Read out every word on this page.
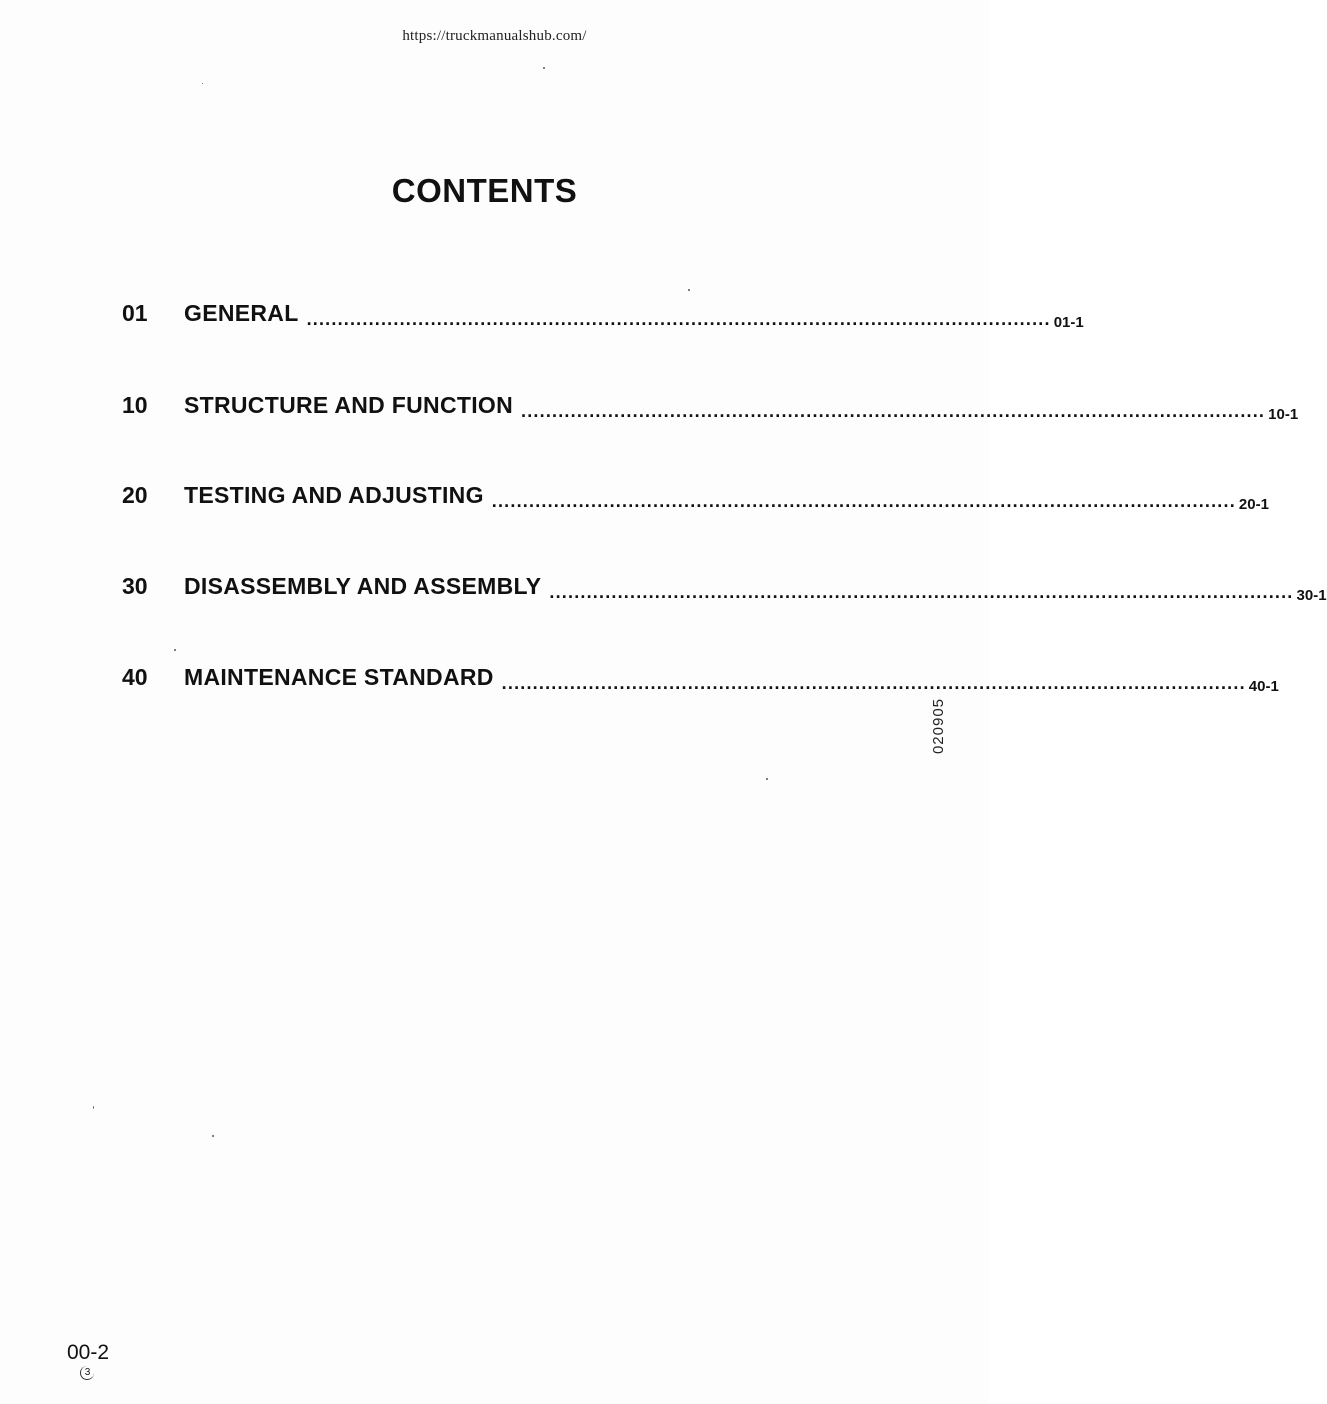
https://truckmanualshub.com/
CONTENTS
01	GENERAL ........................................................................................................................ 01-1
10	STRUCTURE AND FUNCTION ........................................................................................................................ 10-1
20	TESTING AND ADJUSTING ........................................................................................................................ 20-1
30	DISASSEMBLY AND ASSEMBLY ........................................................................................................................ 30-1
40	MAINTENANCE STANDARD ........................................................................................................................ 40-1
020905
00-2
3
